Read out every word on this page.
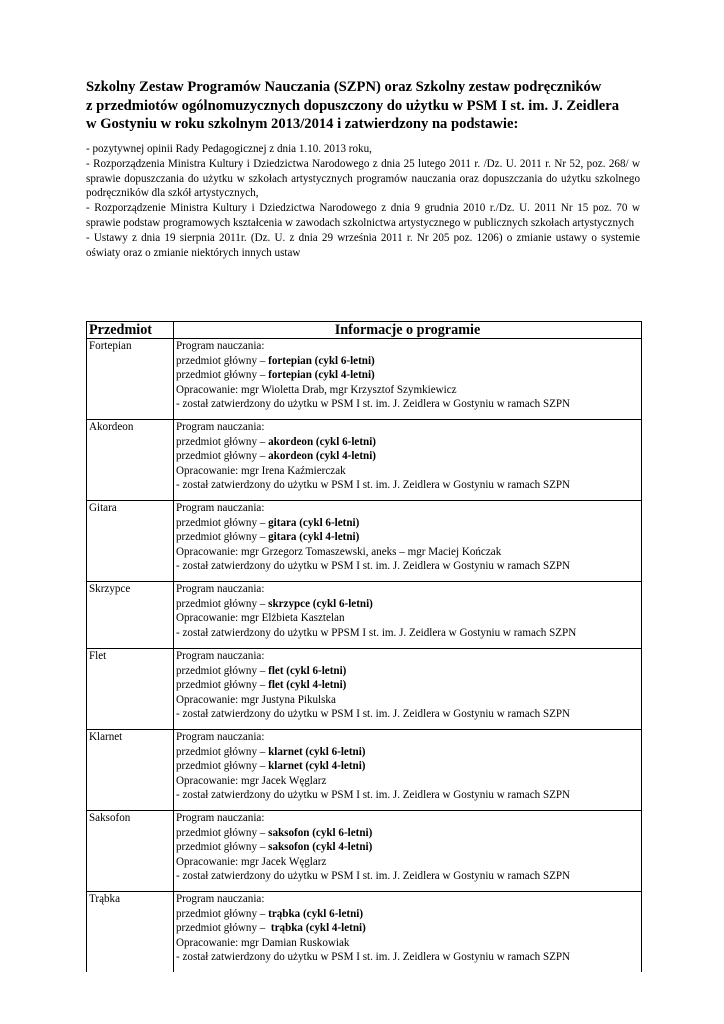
Szkolny Zestaw Programów Nauczania (SZPN) oraz Szkolny zestaw podręczników
z przedmiotów ogólnomuzycznych dopuszczony do użytku w PSM I st. im. J. Zeidlera
w Gostyniu w roku szkolnym 2013/2014 i zatwierdzony na podstawie:

- pozytywnej opinii Rady Pedagogicznej z dnia 1.10. 2013 roku,

- Rozporządzenia Ministra Kultury i Dziedzictwa Narodowego z dnia 25 lutego 2011 r. /Dz. U. 2011 r. Nr 52, poz. 268/ w sprawie dopuszczania do użytku w szkołach artystycznych programów nauczania oraz dopuszczania do użytku szkolnego podręczników dla szkół artystycznych,

- Rozporządzenie Ministra Kultury i Dziedzictwa Narodowego z dnia 9 grudnia 2010 r./Dz. U. 2011 Nr 15 poz. 70 w sprawie podstaw programowych kształcenia w zawodach szkolnictwa artystycznego w publicznych szkołach artystycznych

- Ustawy z dnia 19 sierpnia 2011r. (Dz. U. z dnia 29 września 2011 r. Nr 205 poz. 1206) o zmianie ustawy o systemie oświaty oraz o zmianie niektórych innych ustaw

Przedmiot	Informacje o programie
Fortepian	Program nauczania:
przedmiot główny – fortepian (cykl 6-letni)
przedmiot główny – fortepian (cykl 4-letni)
Opracowanie: mgr Wioletta Drab, mgr Krzysztof Szymkiewicz
- został zatwierdzony do użytku w PSM I st. im. J. Zeidlera w Gostyniu w ramach SZPN

Akordeon	Program nauczania:
przedmiot główny – akordeon (cykl 6-letni)
przedmiot główny – akordeon (cykl 4-letni)
Opracowanie: mgr Irena Kaźmierczak
- został zatwierdzony do użytku w PSM I st. im. J. Zeidlera w Gostyniu w ramach SZPN

Gitara	Program nauczania:
przedmiot główny – gitara (cykl 6-letni)
przedmiot główny – gitara (cykl 4-letni)
Opracowanie: mgr Grzegorz Tomaszewski, aneks – mgr Maciej Kończak
- został zatwierdzony do użytku w PSM I st. im. J. Zeidlera w Gostyniu w ramach SZPN

Skrzypce	Program nauczania:
przedmiot główny – skrzypce (cykl 6-letni)
Opracowanie: mgr Elżbieta Kasztelan
- został zatwierdzony do użytku w PPSM I st. im. J. Zeidlera w Gostyniu w ramach SZPN

Flet	Program nauczania:
przedmiot główny – flet (cykl 6-letni)
przedmiot główny – flet (cykl 4-letni)
Opracowanie: mgr Justyna Pikulska
- został zatwierdzony do użytku w PSM I st. im. J. Zeidlera w Gostyniu w ramach SZPN

Klarnet	Program nauczania:
przedmiot główny – klarnet (cykl 6-letni)
przedmiot główny – klarnet (cykl 4-letni)
Opracowanie: mgr Jacek Węglarz
- został zatwierdzony do użytku w PSM I st. im. J. Zeidlera w Gostyniu w ramach SZPN

Saksofon	Program nauczania:
przedmiot główny – saksofon (cykl 6-letni)
przedmiot główny – saksofon (cykl 4-letni)
Opracowanie: mgr Jacek Węglarz
- został zatwierdzony do użytku w PSM I st. im. J. Zeidlera w Gostyniu w ramach SZPN

Trąbka	Program nauczania:
przedmiot główny – trąbka (cykl 6-letni)
przedmiot główny –  trąbka (cykl 4-letni)
Opracowanie: mgr Damian Ruskowiak
- został zatwierdzony do użytku w PSM I st. im. J. Zeidlera w Gostyniu w ramach SZPN
